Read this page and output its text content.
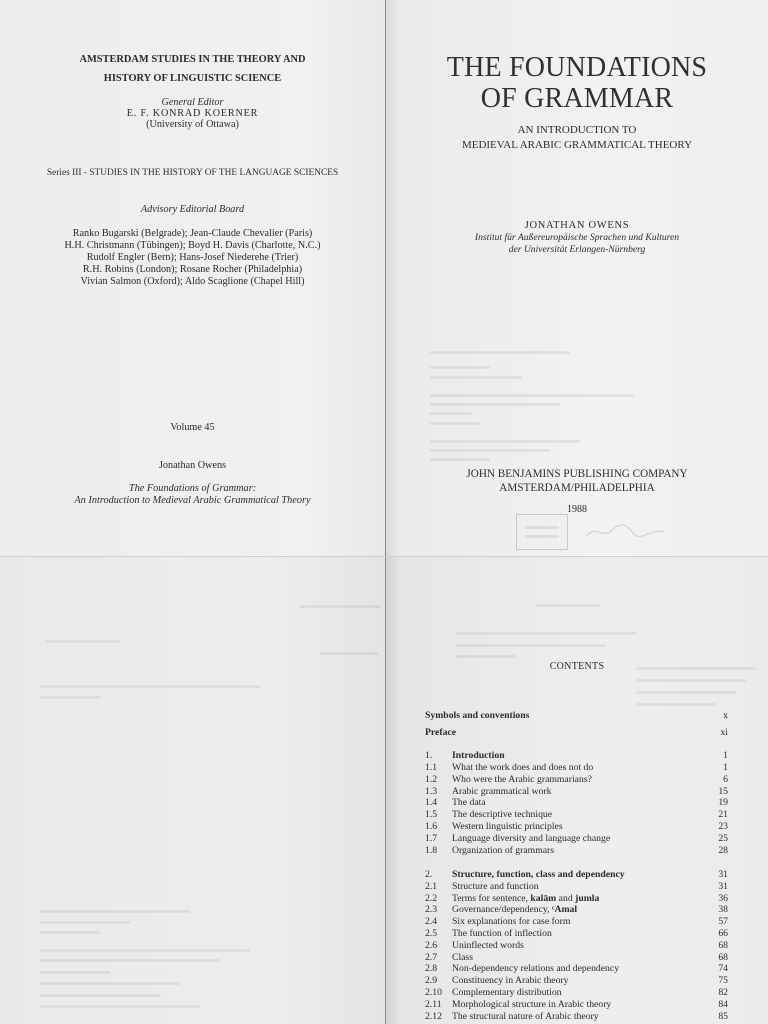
AMSTERDAM STUDIES IN THE THEORY AND
HISTORY OF LINGUISTIC SCIENCE
General Editor
E. F. KONRAD KOERNER
(University of Ottawa)
Series III - STUDIES IN THE HISTORY OF THE LANGUAGE SCIENCES
Advisory Editorial Board
Ranko Bugarski (Belgrade); Jean-Claude Chevalier (Paris)
H.H. Christmann (Tübingen); Boyd H. Davis (Charlotte, N.C.)
Rudolf Engler (Bern); Hans-Josef Niederehe (Trier)
R.H. Robins (London); Rosane Rocher (Philadelphia)
Vivian Salmon (Oxford); Aldo Scaglione (Chapel Hill)
Volume 45
Jonathan Owens
The Foundations of Grammar:
An Introduction to Medieval Arabic Grammatical Theory
THE FOUNDATIONS
OF GRAMMAR
AN INTRODUCTION TO
MEDIEVAL ARABIC GRAMMATICAL THEORY
JONATHAN OWENS
Institut für Außereuropäische Sprachen und Kulturen
der Universität Erlangen-Nürnberg
JOHN BENJAMINS PUBLISHING COMPANY
AMSTERDAM/PHILADELPHIA
1988
CONTENTS
Symbols and conventions	x
Preface	xi
1.	Introduction	1
1.1	What the work does and does not do	1
1.2	Who were the Arabic grammarians?	6
1.3	Arabic grammatical work	15
1.4	The data	19
1.5	The descriptive technique	21
1.6	Western linguistic principles	23
1.7	Language diversity and language change	25
1.8	Organization of grammars	28
2.	Structure, function, class and dependency	31
2.1	Structure and function	31
2.2	Terms for sentence, kalām and jumla	36
2.3	Governance/dependency, ᶜAmal	38
2.4	Six explanations for case form	57
2.5	The function of inflection	66
2.6	Uninflected words	68
2.7	Class	68
2.8	Non-dependency relations and dependency	74
2.9	Constituency in Arabic theory	75
2.10	Complementary distribution	82
2.11	Morphological structure in Arabic theory	84
2.12	The structural nature of Arabic theory	85
